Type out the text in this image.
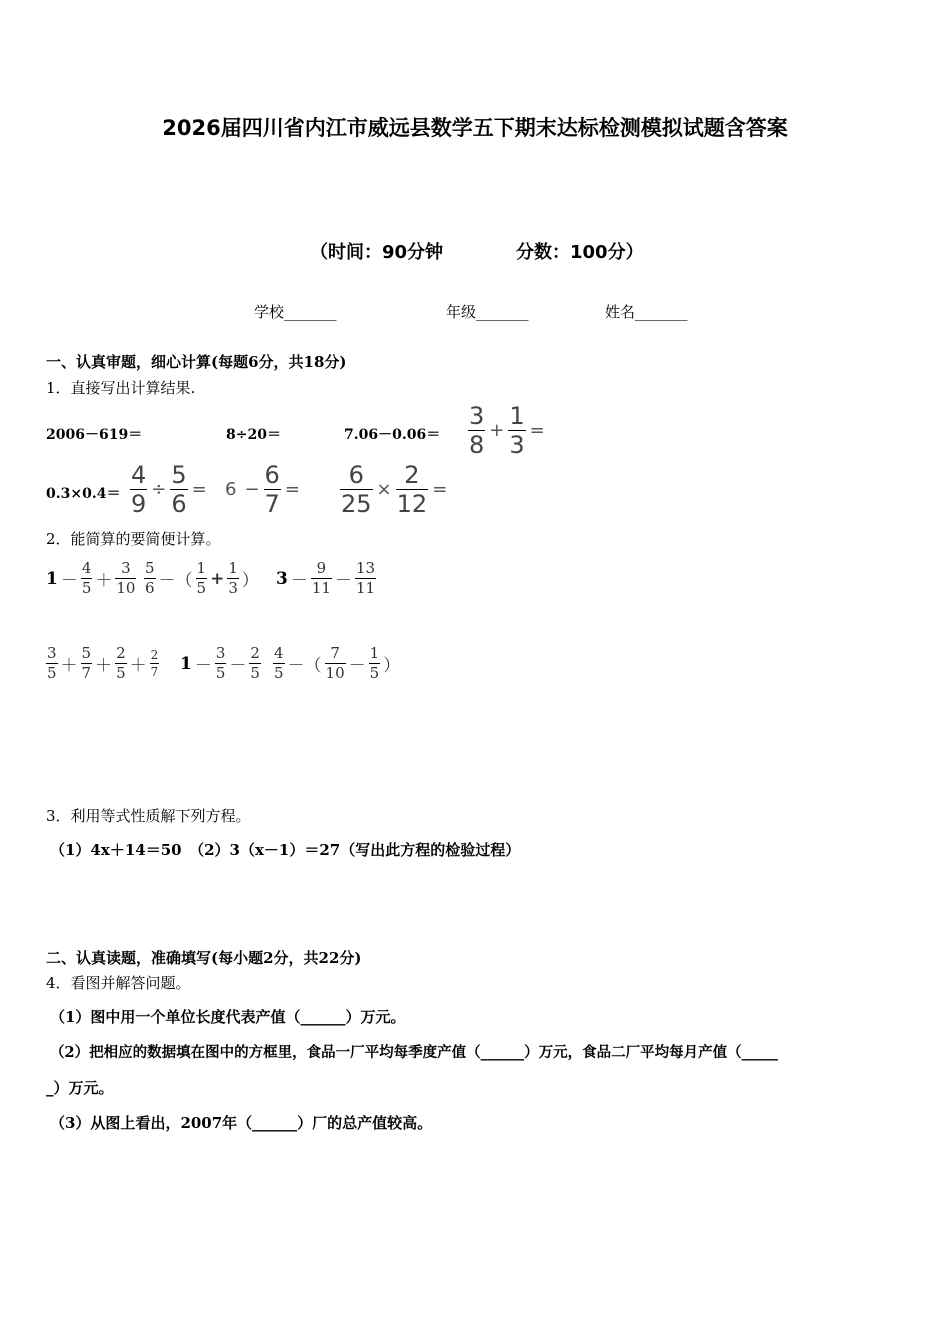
2026届四川省内江市威远县数学五下期末达标检测模拟试题含答案
（时间：90分钟	分数：100分）
学校_______	年级_______	姓名_______
一、认真审题，细心计算(每题6分，共18分)
1．直接写出计算结果.
2006－619＝	8÷20＝	$7.06-0.06= \frac{3}{8} + \frac{1}{3}$ =
$0.3\times 0.4= \frac{4}{9} \div \frac{5}{6} = 6 - \frac{6}{7} = \frac{6}{25} \times \frac{2}{12}$ =
2．能简算的要简便计算。
$1 - \frac{4}{5} + \frac{3}{10} \frac{5}{6}$ －（ $\frac{1}{5} + \frac{1}{3}$ ） $3 - \frac{9}{11} - \frac{13}{11}$
$\frac{3}{5} + \frac{5}{7} + \frac{2}{5} + \frac{2}{7} 1 - \frac{3}{5} - \frac{2}{5} \frac{4}{5}$ －（ $\frac{7}{10} - \frac{1}{5}$ ）
3．利用等式性质解下列方程。
（1）4x＋14＝50　（2）3（x－1）＝27（写出此方程的检验过程）
二、认真读题，准确填写(每小题2分，共22分)
4．看图并解答问题。
（1）图中用一个单位长度代表产值（______）万元。
（2）把相应的数据填在图中的方框里，食品一厂平均每季度产值（______）万元，食品二厂平均每月产值（_____
_）万元。
（3）从图上看出，2007年（______）厂的总产值较高。
